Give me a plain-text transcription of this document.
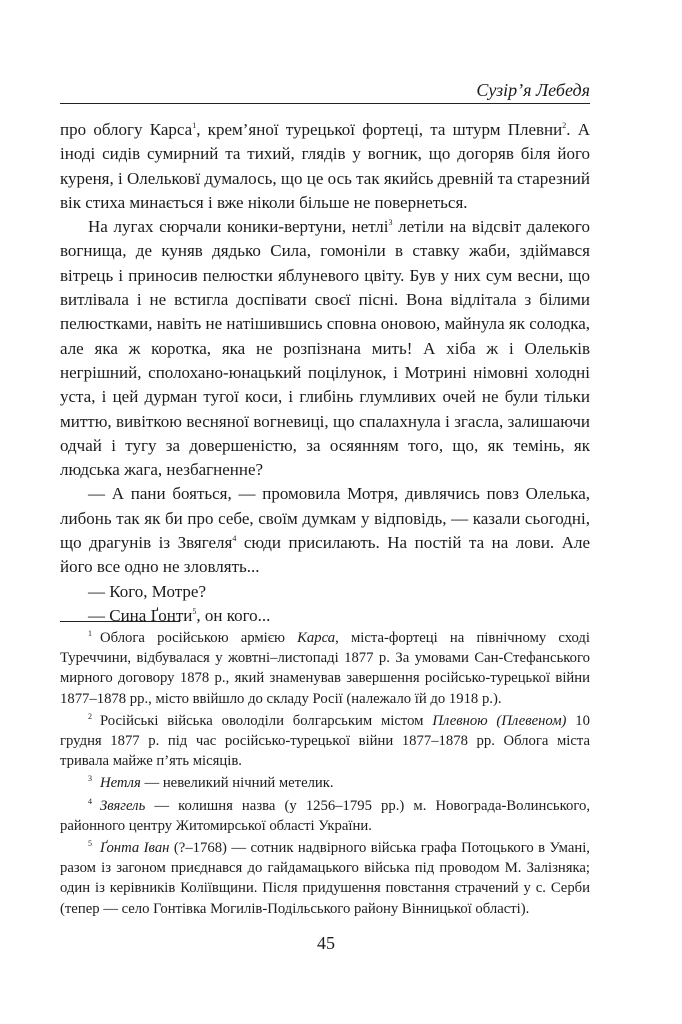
Сузір’я Лебедя

про облогу Карса$^1$, крем’яної турецької фортеці, та штурм Плевни$^2$. А іноді сидів сумирний та тихий, глядів у вогник, що догоряв біля його куреня, і Олельковї думалось, що це ось так якийсь древній та старезний вік стиха минається і вже ніколи більше не повернеться.

На лугах сюрчали коники-вертуни, нетлі$^3$ летіли на відсвіт далекого вогнища, де куняв дядько Сила, гомоніли в ставку жаби, здіймався вітрець і приносив пелюстки яблуневого цвіту. Був у них сум весни, що витлівала і не встигла доспівати своєї пісні. Вона відлітала з білими пелюстками, навіть не натішившись сповна оновою, майнула як солодка, але яка ж коротка, яка не розпізнана мить! А хіба ж і Олельків негрішний, сполохано-юнацький поцілунок, і Мотрині німовні холодні уста, і цей дурман тугої коси, і глибінь глумливих очей не були тільки миттю, вивіткою весняної вогневиці, що спалахнула і згасла, залишаючи одчай і тугу за довершеністю, за осяянням того, що, як темінь, як людська жага, незбагненне?

— А пани бояться, — промовила Мотря, дивлячись повз Олелька, либонь так як би про себе, своїм думкам у відповідь, — казали сьогодні, що драгунів із Звягеля$^4$ сюди присилають. На постій та на лови. Але його все одно не зловлять...

— Кого, Мотре?

— Сина Ґонти$^5$, он кого...

$^1$ Облога російською армією Карса, міста-фортеці на північному сході Туреччини, відбувалася у жовтні–листопаді 1877 р. За умовами Сан-Стефанського мирного договору 1878 р., який знаменував завершення російсько-турецької війни 1877–1878 рр., місто ввійшло до складу Росії (належало їй до 1918 р.).

$^2$ Російські війська оволоділи болгарським містом Плевною (Плевеном) 10 грудня 1877 р. під час російсько-турецької війни 1877–1878 рр. Облога міста тривала майже п’ять місяців.

$^3$ Нетля — невеликий нічний метелик.

$^4$ Звягель — колишня назва (у 1256–1795 рр.) м. Новограда-Волинського, районного центру Житомирської області України.

$^5$ Ґонта Іван (?–1768) — сотник надвірного війська графа Потоцького в Умані, разом із загоном приєднався до гайдамацького війська під проводом М. Залізняка; один із керівників Коліївщини. Після придушення повстання страчений у с. Серби (тепер — село Гонтівка Могилів-Подільського району Вінницької області).

45
